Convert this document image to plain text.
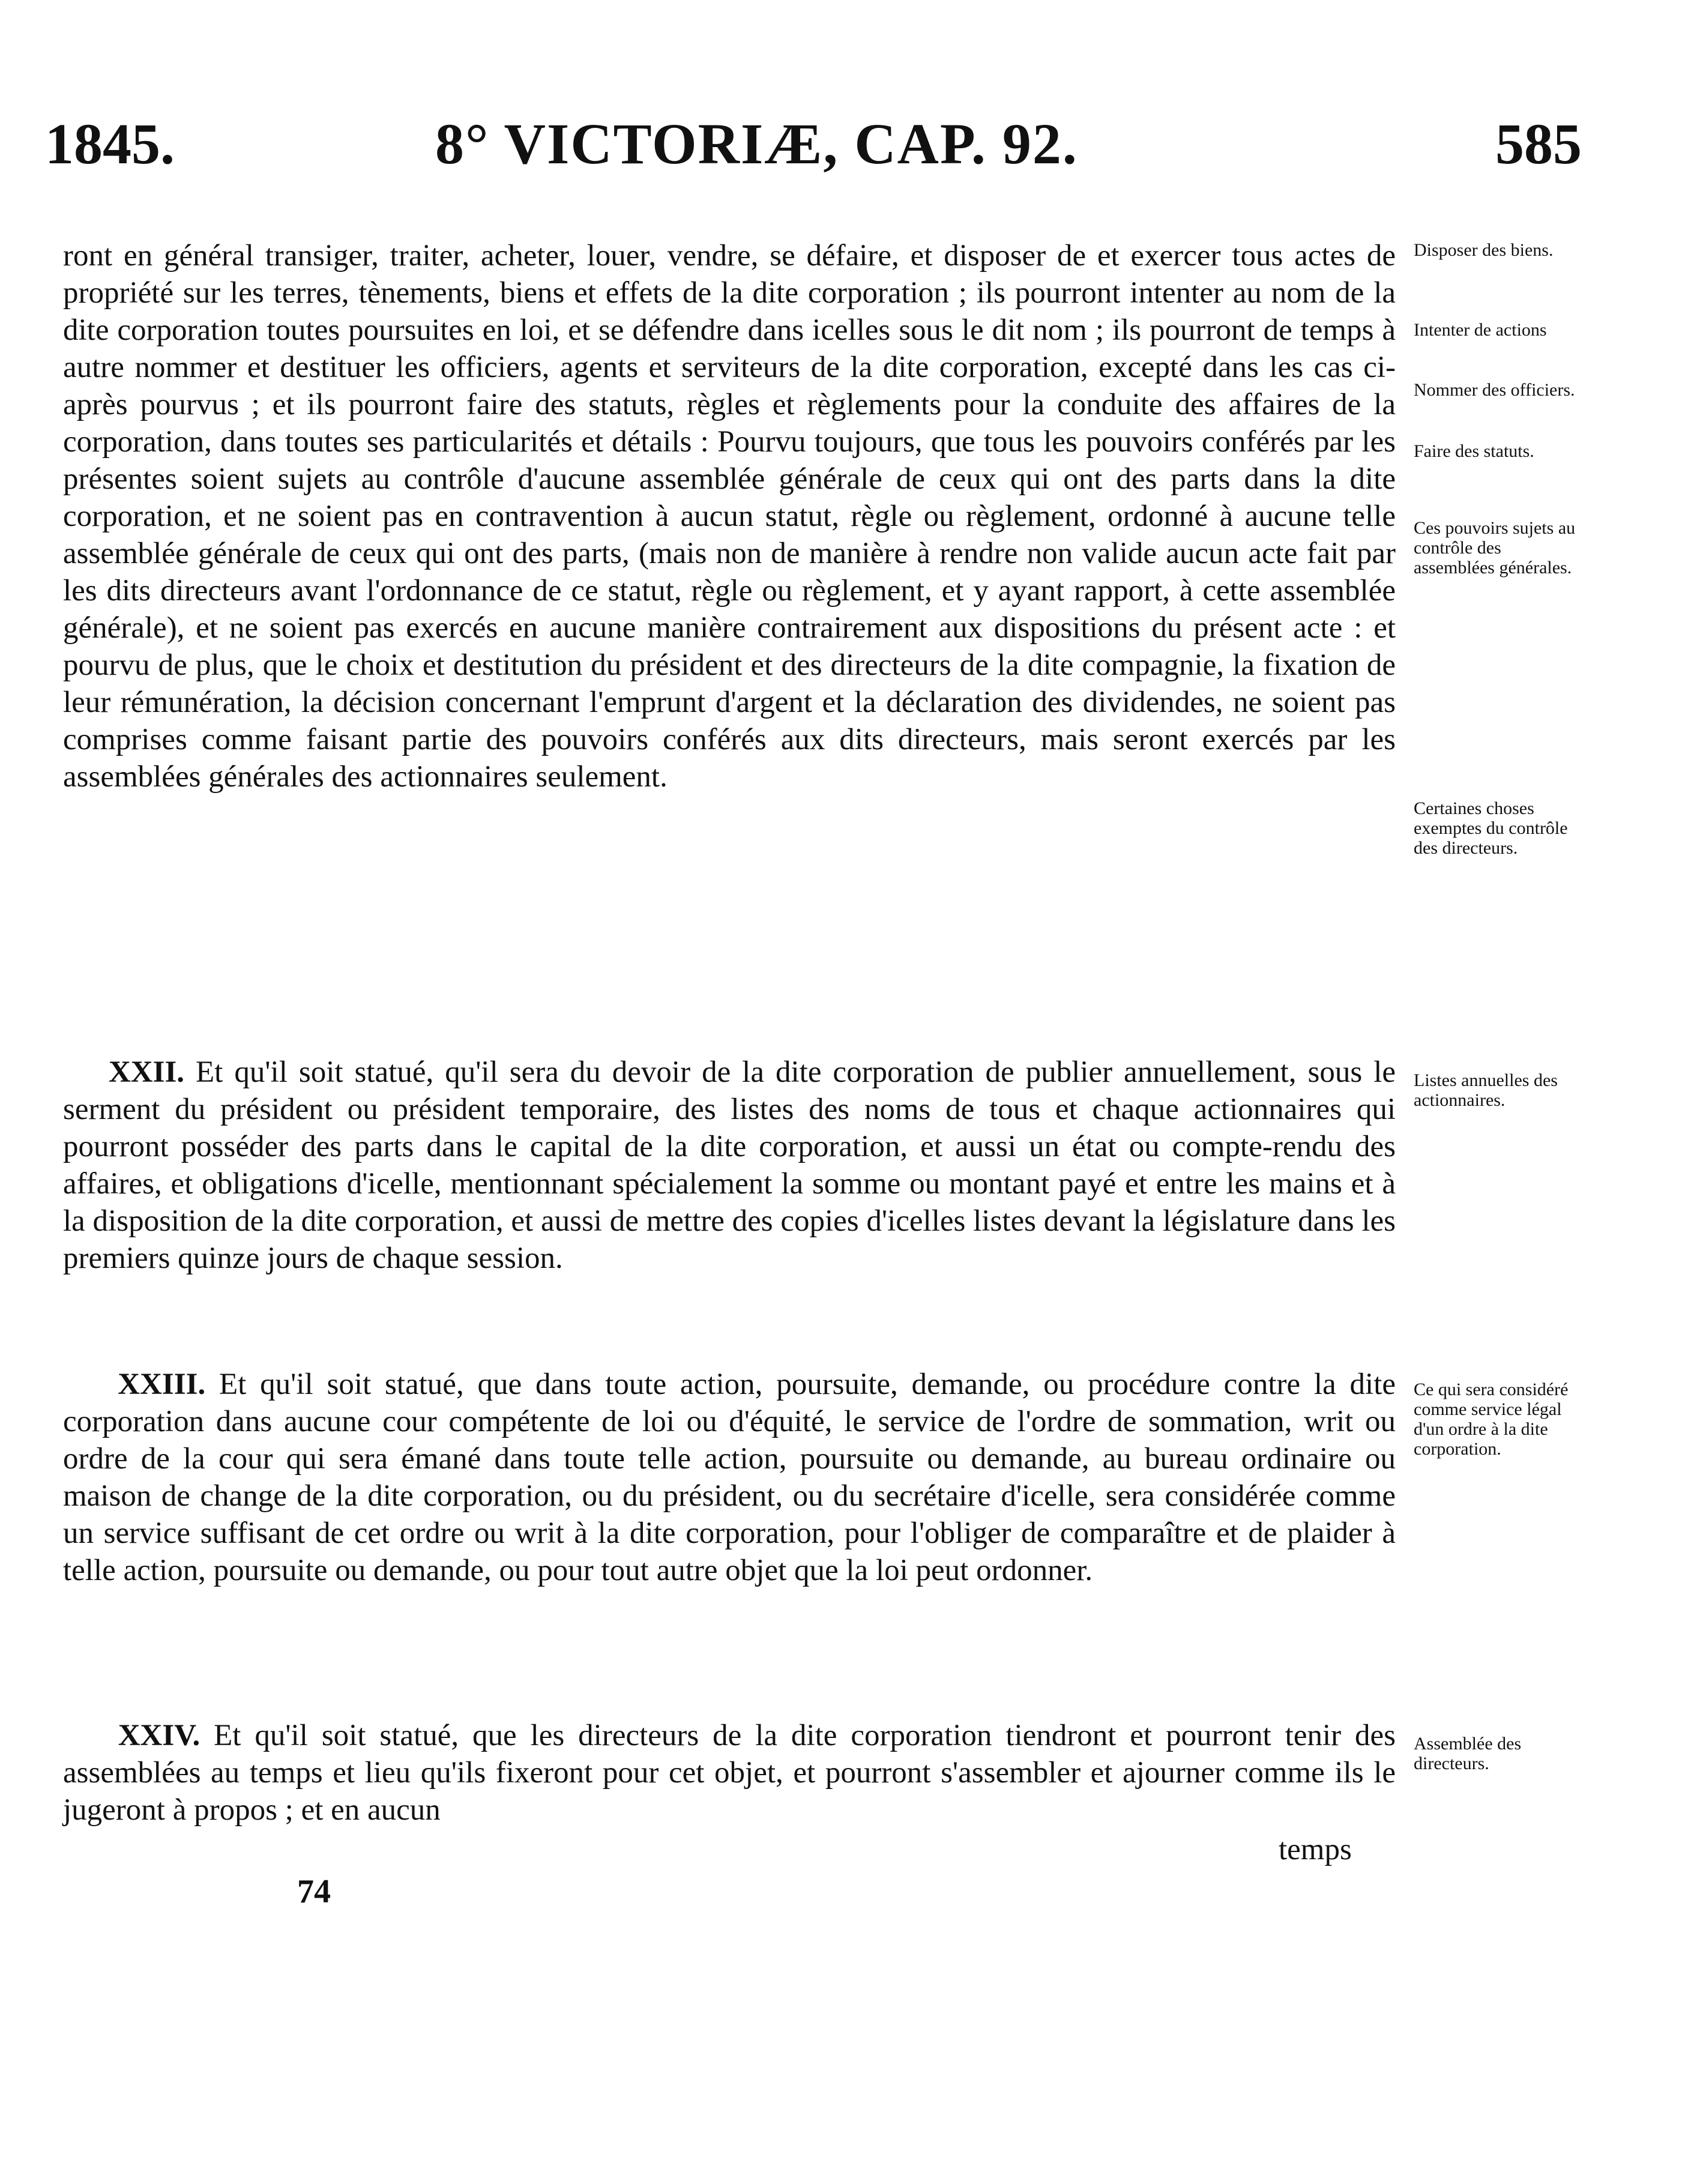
1845.	8° VICTORIÆ, CAP. 92.	585
ront en général transiger, traiter, acheter, louer, vendre, se défaire, et disposer de et exercer tous actes de propriété sur les terres, tènements, biens et effets de la dite corporation ; ils pourront intenter au nom de la dite corporation toutes poursuites en loi, et se défendre dans icelles sous le dit nom ; ils pourront de temps à autre nommer et destituer les officiers, agents et serviteurs de la dite corporation, excepté dans les cas ci-après pourvus ; et ils pourront faire des statuts, règles et règlements pour la conduite des affaires de la corporation, dans toutes ses particularités et détails : Pourvu toujours, que tous les pouvoirs conférés par les présentes soient sujets au contrôle d'aucune assemblée générale de ceux qui ont des parts dans la dite corporation, et ne soient pas en contravention à aucun statut, règle ou règlement, ordonné à aucune telle assemblée générale de ceux qui ont des parts, (mais non de manière à rendre non valide aucun acte fait par les dits directeurs avant l'ordonnance de ce statut, règle ou règlement, et y ayant rapport, à cette assemblée générale), et ne soient pas exercés en aucune manière contrairement aux dispositions du présent acte : et pourvu de plus, que le choix et destitution du président et des directeurs de la dite compagnie, la fixation de leur rémunération, la décision concernant l'emprunt d'argent et la déclaration des dividendes, ne soient pas comprises comme faisant partie des pouvoirs conférés aux dits directeurs, mais seront exercés par les assemblées générales des actionnaires seulement.
XXII. Et qu'il soit statué, qu'il sera du devoir de la dite corporation de publier annuellement, sous le serment du président ou président temporaire, des listes des noms de tous et chaque actionnaires qui pourront posséder des parts dans le capital de la dite corporation, et aussi un état ou compte-rendu des affaires, et obligations d'icelle, mentionnant spécialement la somme ou montant payé et entre les mains et à la disposition de la dite corporation, et aussi de mettre des copies d'icelles listes devant la législature dans les premiers quinze jours de chaque session.
XXIII. Et qu'il soit statué, que dans toute action, poursuite, demande, ou procédure contre la dite corporation dans aucune cour compétente de loi ou d'équité, le service de l'ordre de sommation, writ ou ordre de la cour qui sera émané dans toute telle action, poursuite ou demande, au bureau ordinaire ou maison de change de la dite corporation, ou du président, ou du secrétaire d'icelle, sera considérée comme un service suffisant de cet ordre ou writ à la dite corporation, pour l'obliger de comparaître et de plaider à telle action, poursuite ou demande, ou pour tout autre objet que la loi peut ordonner.
XXIV. Et qu'il soit statué, que les directeurs de la dite corporation tiendront et pourront tenir des assemblées au temps et lieu qu'ils fixeront pour cet objet, et pourront s'assembler et ajourner comme ils le jugeront à propos ; et en aucun
temps
74
Disposer des biens.
Intenter de actions
Nommer des officiers.
Faire des statuts.
Ces pouvoirs sujets au contrôle des assemblées générales.
Certaines choses exemptes du contrôle des directeurs.
Listes annuelles des actionnaires.
Ce qui sera considéré comme service légal d'un ordre à la dite corporation.
Assemblée des directeurs.
